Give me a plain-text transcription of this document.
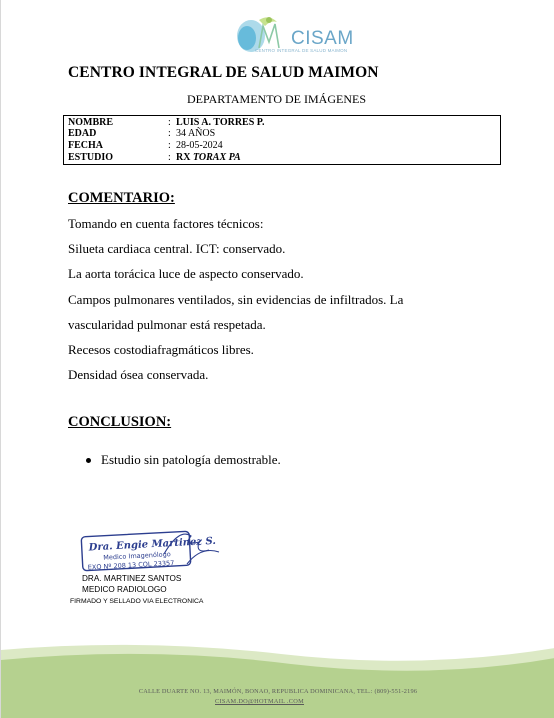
CISAM
CENTRO INTEGRAL DE SALUD MAIMON
CENTRO INTEGRAL DE SALUD MAIMON
DEPARTAMENTO DE IMÁGENES
NOMBRE	: LUIS A. TORRES P.
EDAD	: 34 AÑOS
FECHA	: 28-05-2024
ESTUDIO	: RX TORAX PA
COMENTARIO:
Tomando en cuenta factores técnicos:
Silueta cardiaca central. ICT: conservado.
La aorta torácica luce de aspecto conservado.
Campos pulmonares ventilados, sin evidencias de infiltrados. La
vascularidad pulmonar está respetada.
Recesos costodiafragmáticos libres.
Densidad ósea conservada.
CONCLUSION:
Estudio sin patología demostrable.
Dra. Engie Martinez S.
Medico Imagenólogo
EXQ Nº 208 13 COL 23357
DRA. MARTINEZ SANTOS
MEDICO RADIOLOGO
FIRMADO Y SELLADO VIA ELECTRONICA
CALLE DUARTE NO. 13, MAIMÓN, BONAO, REPUBLICA DOMINICANA, TEL.: (809)-551-2196
CISAM.DO@HOTMAIL .COM
